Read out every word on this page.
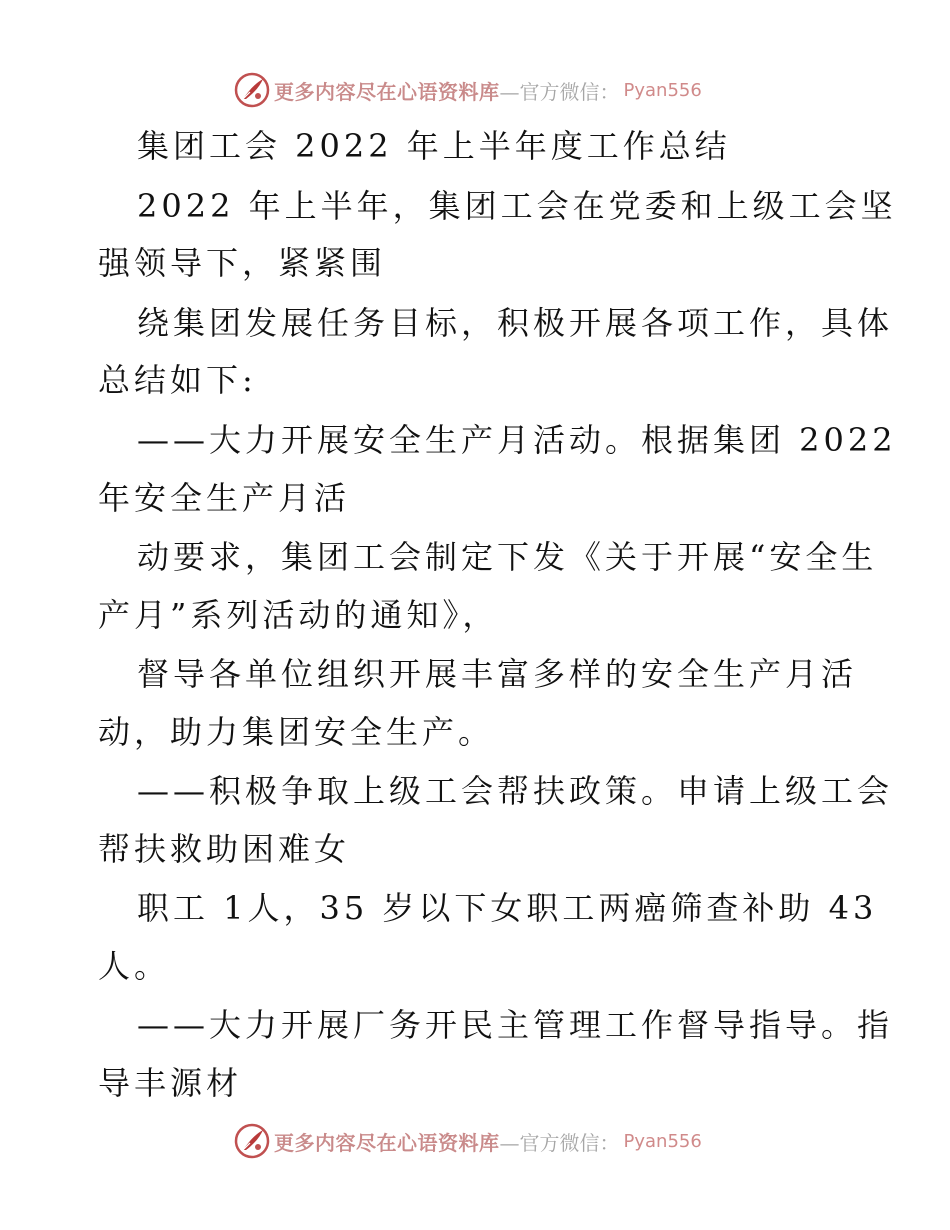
更多内容尽在心语资料库 —官方微信： Pyan556
集团工会 2022 年上半年度工作总结
2022 年上半年，集团工会在党委和上级工会坚
强领导下，紧紧围
绕集团发展任务目标，积极开展各项工作，具体
总结如下:
——大力开展安全生产月活动。根据集团 2022
年安全生产月活
动要求，集团工会制定下发《关于开展“安全生
产月”系列活动的通知》，
督导各单位组织开展丰富多样的安全生产月活
动，助力集团安全生产。
——积极争取上级工会帮扶政策。申请上级工会
帮扶救助困难女
职工 1人，35 岁以下女职工两癌筛查补助 43
人。
——大力开展厂务开民主管理工作督导指导。指
导丰源材
更多内容尽在心语资料库 —官方微信： Pyan556
